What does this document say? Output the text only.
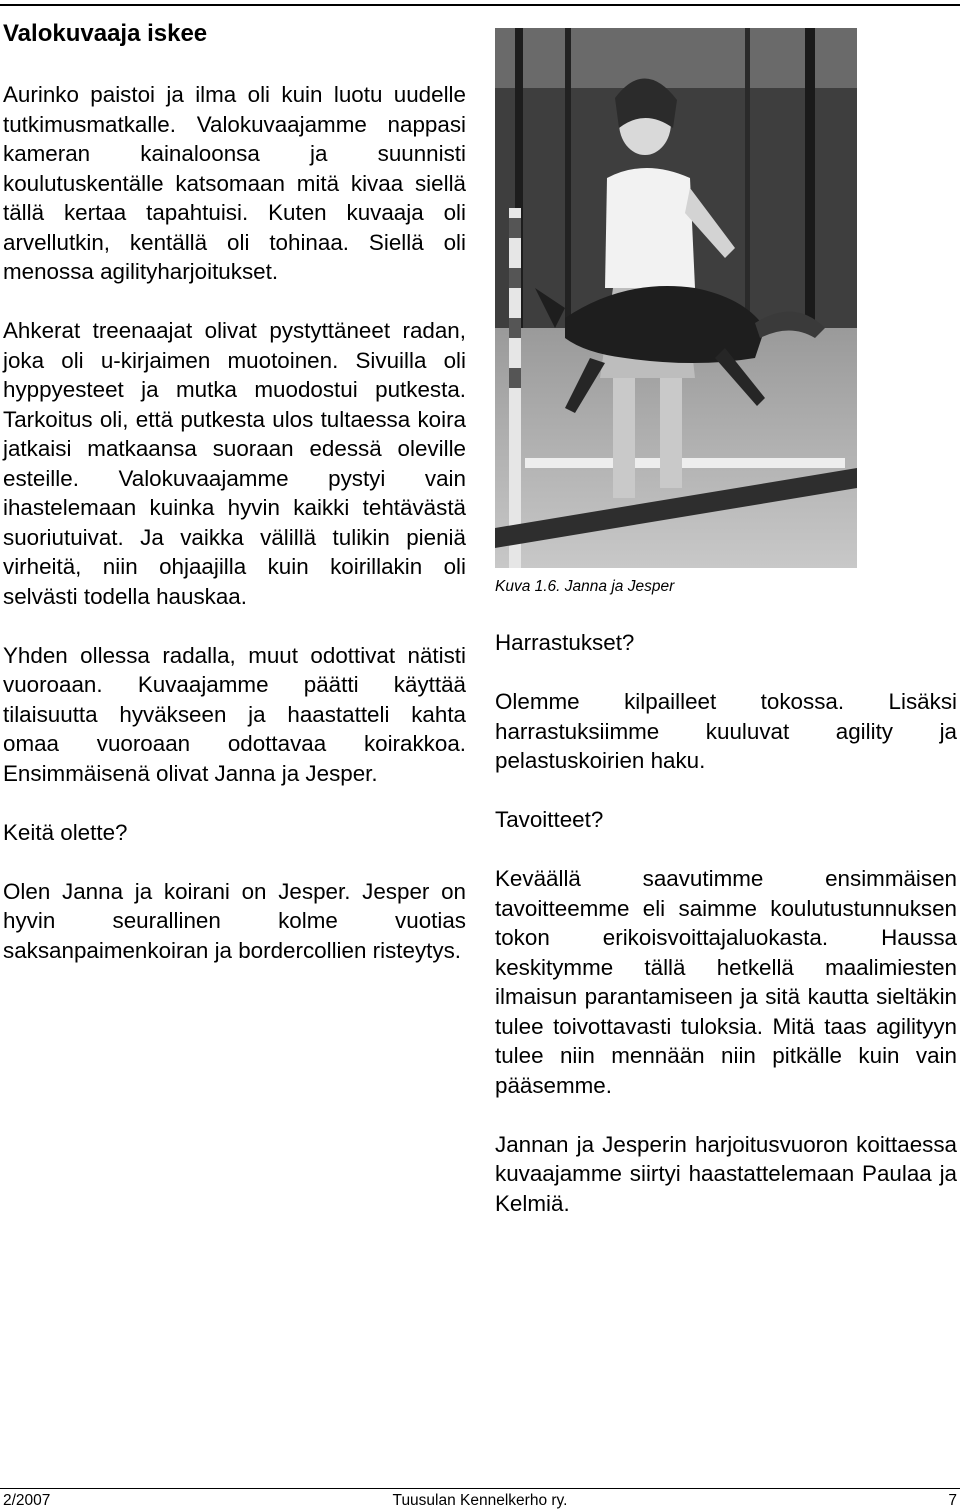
Valokuvaaja iskee

Aurinko paistoi ja ilma oli kuin luotu uudelle tutkimusmatkalle. Valokuvaajamme nappasi kameran kainaloonsa ja suunnisti koulutuskentälle katsomaan mitä kivaa siellä tällä kertaa tapahtuisi. Kuten kuvaaja oli arvellutkin, kentällä oli tohinaa. Siellä oli menossa agilityharjoitukset.

Ahkerat treenaajat olivat pystyttäneet radan, joka oli u-kirjaimen muotoinen. Sivuilla oli hyppyesteet ja mutka muodostui putkesta. Tarkoitus oli, että putkesta ulos tultaessa koira jatkaisi matkaansa suoraan edessä oleville esteille. Valokuvaajamme pystyi vain ihastelemaan kuinka hyvin kaikki tehtävästä suoriutuivat. Ja vaikka välillä tulikin pieniä virheitä, niin ohjaajilla kuin koirillakin oli selvästi todella hauskaa.

Yhden ollessa radalla, muut odottivat nätisti vuoroaan. Kuvaajamme päätti käyttää tilaisuutta hyväkseen ja haastatteli kahta omaa vuoroaan odottavaa koirakkoa. Ensimmäisenä olivat Janna ja Jesper.

Keitä olette?

Olen Janna ja koirani on Jesper. Jesper on hyvin seurallinen kolme vuotias saksanpaimenkoiran ja bordercollien risteytys.

Kuva 1.6. Janna ja Jesper

Harrastukset?

Olemme kilpailleet tokossa. Lisäksi harrastuksiimme kuuluvat agility ja pelastuskoirien haku.

Tavoitteet?

Keväällä saavutimme ensimmäisen tavoitteemme eli saimme koulutustunnuksen tokon erikoisvoittajaluokasta. Haussa keskitymme tällä hetkellä maalimiesten ilmaisun parantamiseen ja sitä kautta sieltäkin tulee toivottavasti tuloksia. Mitä taas agilityyn tulee niin mennään niin pitkälle kuin vain pääsemme.

Jannan ja Jesperin harjoitusvuoron koittaessa kuvaajamme siirtyi haastattelemaan Paulaa ja Kelmiä.

Tuusulan Kennelkerho ry.
2/2007	7
